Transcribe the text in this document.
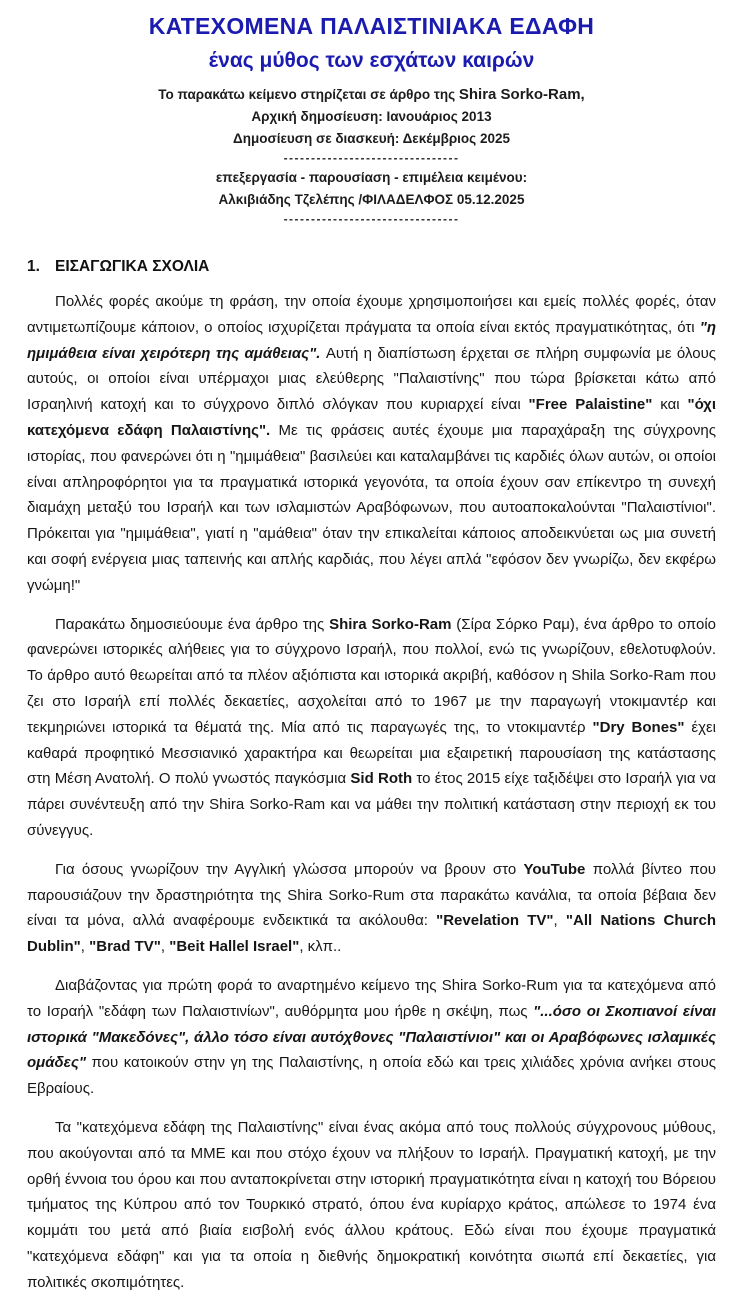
ΚΑΤΕΧΟΜΕΝΑ ΠΑΛΑΙΣΤΙΝΙΑΚΑ ΕΔΑΦΗ
ένας μύθος των εσχάτων καιρών
Το παρακάτω κείμενο στηρίζεται σε άρθρο της Shira Sorko-Ram,
Αρχική δημοσίευση: Ιανουάριος 2013
Δημοσίευση σε διασκευή: Δεκέμβριος 2025
--------------------------------
επεξεργασία - παρουσίαση - επιμέλεια κειμένου:
Αλκιβιάδης Τζελέπης /ΦΙΛΑΔΕΛΦΟΣ 05.12.2025
--------------------------------
1. ΕΙΣΑΓΩΓΙΚΑ ΣΧΟΛΙΑ

Πολλές φορές ακούμε τη φράση, την οποία έχουμε χρησιμοποιήσει και εμείς πολλές φορές, όταν αντιμετωπίζουμε κάποιον, ο οποίος ισχυρίζεται πράγματα τα οποία είναι εκτός πραγματικότητας, ότι "η ημιμάθεια είναι χειρότερη της αμάθειας". Αυτή η διαπίστωση έρχεται σε πλήρη συμφωνία με όλους αυτούς, οι οποίοι είναι υπέρμαχοι μιας ελεύθερης "Παλαιστίνης" που τώρα βρίσκεται κάτω από Ισραηλινή κατοχή και το σύγχρονο διπλό σλόγκαν που κυριαρχεί είναι "Free Palaistine" και "όχι κατεχόμενα εδάφη Παλαιστίνης". Με τις φράσεις αυτές έχουμε μια παραχάραξη της σύγχρονης ιστορίας, που φανερώνει ότι η "ημιμάθεια" βασιλεύει και καταλαμβάνει τις καρδιές όλων αυτών, οι οποίοι είναι απληροφόρητοι για τα πραγματικά ιστορικά γεγονότα, τα οποία έχουν σαν επίκεντρο τη συνεχή διαμάχη μεταξύ του Ισραήλ και των ισλαμιστών Αραβόφωνων, που αυτοαποκαλούνται "Παλαιστίνιοι". Πρόκειται για "ημιμάθεια", γιατί η "αμάθεια" όταν την επικαλείται κάποιος αποδεικνύεται ως μια συνετή και σοφή ενέργεια μιας ταπεινής και απλής καρδιάς, που λέγει απλά "εφόσον δεν γνωρίζω, δεν εκφέρω γνώμη!"

Παρακάτω δημοσιεύουμε ένα άρθρο της Shira Sorko-Ram (Σίρα Σόρκο Ραμ), ένα άρθρο το οποίο φανερώνει ιστορικές αλήθειες για το σύγχρονο Ισραήλ, που πολλοί, ενώ τις γνωρίζουν, εθελοτυφλούν. Το άρθρο αυτό θεωρείται από τα πλέον αξιόπιστα και ιστορικά ακριβή, καθόσον η Shila Sorko-Ram που ζει στο Ισραήλ επί πολλές δεκαετίες, ασχολείται από το 1967 με την παραγωγή ντοκιμαντέρ και τεκμηριώνει ιστορικά τα θέματά της. Μία από τις παραγωγές της, το ντοκιμαντέρ "Dry Bones" έχει καθαρά προφητικό Μεσσιανικό χαρακτήρα και θεωρείται μια εξαιρετική παρουσίαση της κατάστασης στη Μέση Ανατολή. Ο πολύ γνωστός παγκόσμια Sid Roth το έτος 2015 είχε ταξιδέψει στο Ισραήλ για να πάρει συνέντευξη από την Shira Sorko-Ram και να μάθει την πολιτική κατάσταση στην περιοχή εκ του σύνεγγυς.

Για όσους γνωρίζουν την Αγγλική γλώσσα μπορούν να βρουν στο YouTube πολλά βίντεο που παρουσιάζουν την δραστηριότητα της Shira Sorko-Rum στα παρακάτω κανάλια, τα οποία βέβαια δεν είναι τα μόνα, αλλά αναφέρουμε ενδεικτικά τα ακόλουθα: "Revelation TV", "All Nations Church Dublin", "Brad TV", "Beit Hallel Israel", κλπ..

Διαβάζοντας για πρώτη φορά το αναρτημένο κείμενο της Shira Sorko-Rum για τα κατεχόμενα από το Ισραήλ "εδάφη των Παλαιστινίων", αυθόρμητα μου ήρθε η σκέψη, πως "...όσο οι Σκοπιανοί είναι ιστορικά "Μακεδόνες", άλλο τόσο είναι αυτόχθονες "Παλαιστίνιοι" και οι Αραβόφωνες ισλαμικές ομάδες" που κατοικούν στην γη της Παλαιστίνης, η οποία εδώ και τρεις χιλιάδες χρόνια ανήκει στους Εβραίους.

Τα "κατεχόμενα εδάφη της Παλαιστίνης" είναι ένας ακόμα από τους πολλούς σύγχρονους μύθους, που ακούγονται από τα ΜΜΕ και που στόχο έχουν να πλήξουν το Ισραήλ. Πραγματική κατοχή, με την ορθή έννοια του όρου και που ανταποκρίνεται στην ιστορική πραγματικότητα είναι η κατοχή του Βόρειου τμήματος της Κύπρου από τον Τουρκικό στρατό, όπου ένα κυρίαρχο κράτος, απώλεσε το 1974 ένα κομμάτι του μετά από βιαία εισβολή ενός άλλου κράτους. Εδώ είναι που έχουμε πραγματικά "κατεχόμενα εδάφη" και για τα οποία η διεθνής δημοκρατική κοινότητα σιωπά επί δεκαετίες, για πολιτικές σκοπιμότητες.
